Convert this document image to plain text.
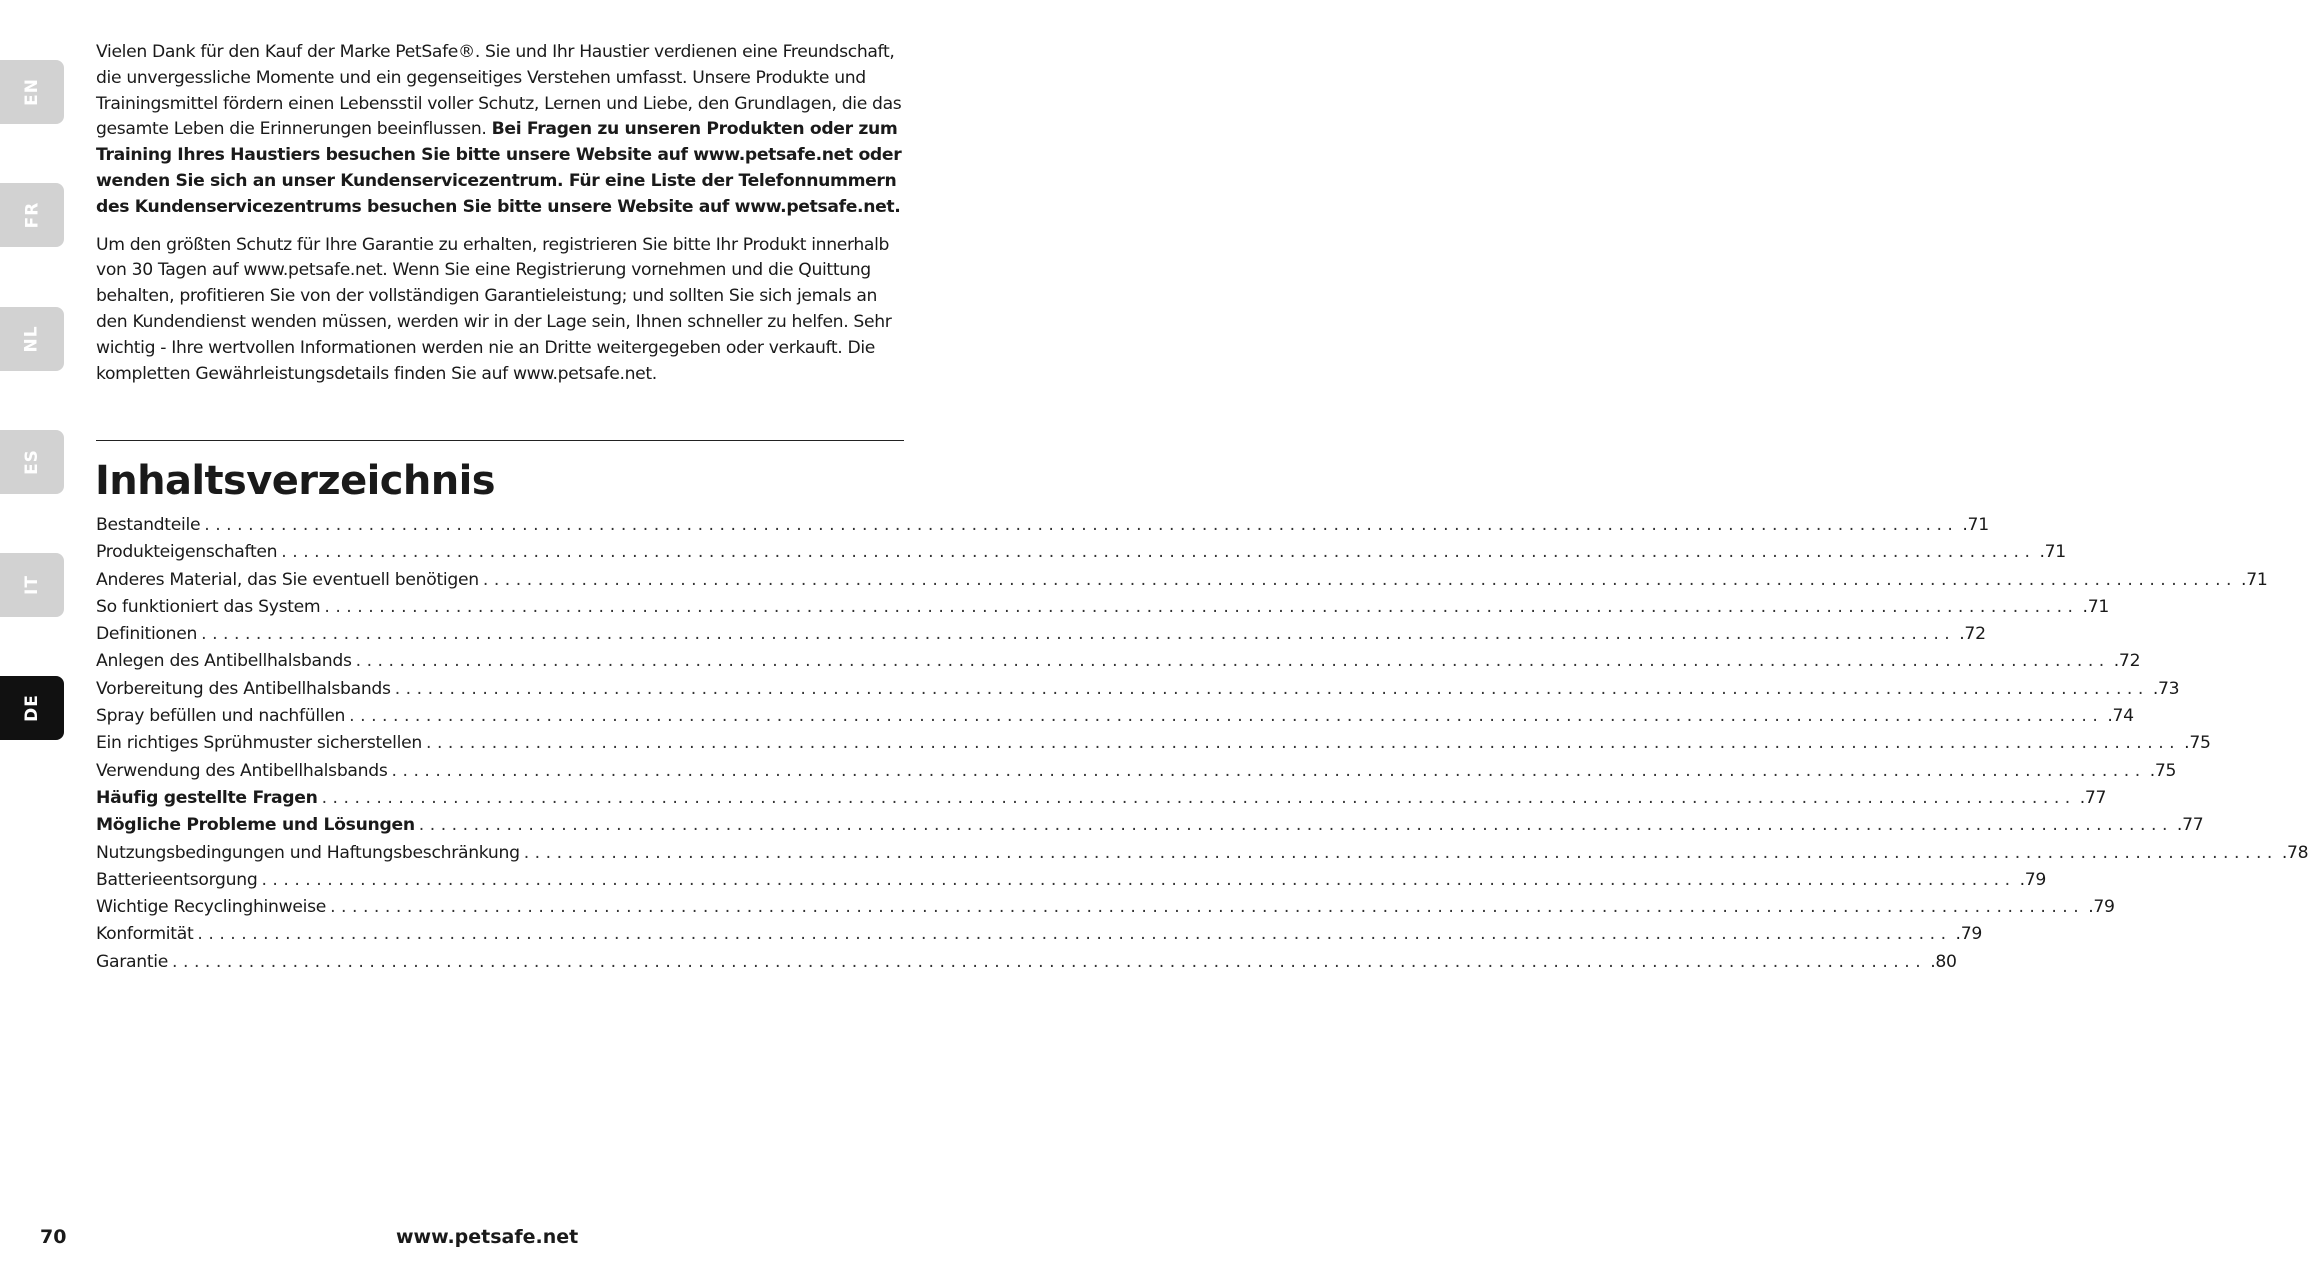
EN
FR
NL
ES
IT
DE

Vielen Dank für den Kauf der Marke PetSafe®. Sie und Ihr Haustier verdienen eine Freundschaft, die unvergessliche Momente und ein gegenseitiges Verstehen umfasst. Unsere Produkte und Trainingsmittel fördern einen Lebensstil voller Schutz, Lernen und Liebe, den Grundlagen, die das gesamte Leben die Erinnerungen beeinflussen. Bei Fragen zu unseren Produkten oder zum Training Ihres Haustiers besuchen Sie bitte unsere Website auf www.petsafe.net oder wenden Sie sich an unser Kundenservicezentrum. Für eine Liste der Telefonnummern des Kundenservicezentrums besuchen Sie bitte unsere Website auf www.petsafe.net.

Um den größten Schutz für Ihre Garantie zu erhalten, registrieren Sie bitte Ihr Produkt innerhalb von 30 Tagen auf www.petsafe.net. Wenn Sie eine Registrierung vornehmen und die Quittung behalten, profitieren Sie von der vollständigen Garantieleistung; und sollten Sie sich jemals an den Kundendienst wenden müssen, werden wir in der Lage sein, Ihnen schneller zu helfen. Sehr wichtig - Ihre wertvollen Informationen werden nie an Dritte weitergegeben oder verkauft. Die kompletten Gewährleistungsdetails finden Sie auf www.petsafe.net.

Inhaltsverzeichnis
Bestandteile ................................................................................................................................................................ .71
Produkteigenschaften ................................................................................................................................................................ .71
Anderes Material, das Sie eventuell benötigen ................................................................................................................................................................ .71
So funktioniert das System ................................................................................................................................................................ .71
Definitionen ................................................................................................................................................................ .72
Anlegen des Antibellhalsbands ................................................................................................................................................................ .72
Vorbereitung des Antibellhalsbands ................................................................................................................................................................ .73
Spray befüllen und nachfüllen ................................................................................................................................................................ .74
Ein richtiges Sprühmuster sicherstellen ................................................................................................................................................................ .75
Verwendung des Antibellhalsbands ................................................................................................................................................................ .75
Häufig gestellte Fragen ................................................................................................................................................................ .77
Mögliche Probleme und Lösungen ................................................................................................................................................................ .77
Nutzungsbedingungen und Haftungsbeschränkung ................................................................................................................................................................ .78
Batterieentsorgung ................................................................................................................................................................ .79
Wichtige Recyclinghinweise ................................................................................................................................................................ .79
Konformität ................................................................................................................................................................ .79
Garantie ................................................................................................................................................................ .80
70	www.petsafe.net
